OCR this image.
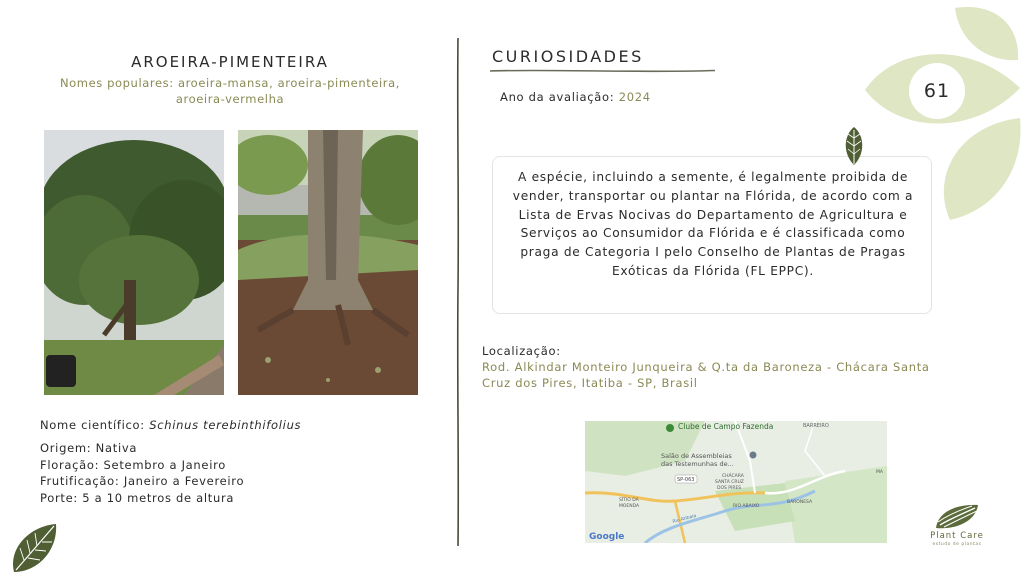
61
AROEIRA-PIMENTEIRA
Nomes populares: aroeira-mansa, aroeira-pimenteira, aroeira-vermelha
Nome científico: Schinus terebinthifolius
Origem: Nativa
Floração: Setembro a Janeiro
Frutificação: Janeiro a Fevereiro
Porte: 5 a 10 metros de altura
CURIOSIDADES
Ano da avaliação: 2024

A espécie, incluindo a semente, é legalmente proibida de vender, transportar ou plantar na Flórida, de acordo com a Lista de Ervas Nocivas do Departamento de Agricultura e Serviços ao Consumidor da Flórida e é classificada como praga de Categoria I pelo Conselho de Plantas de Pragas Exóticas da Flórida (FL EPPC).

Localização:
Rod. Alkindar Monteiro Junqueira & Q.ta da Baroneza - Chácara Santa Cruz dos Pires, Itatiba - SP, Brasil
Clube de Campo Fazenda	BARREIRO
Salão de Assembleias
das Testemunhas de...
SP-063
CHÁCARA
SANTA CRUZ
DOS PIRES
SÍTIO DA
MOENDA
Rio Atibaia
RIO ABAIXO
BARONESA
MA
Google	Plant Care
estudo de plantas
